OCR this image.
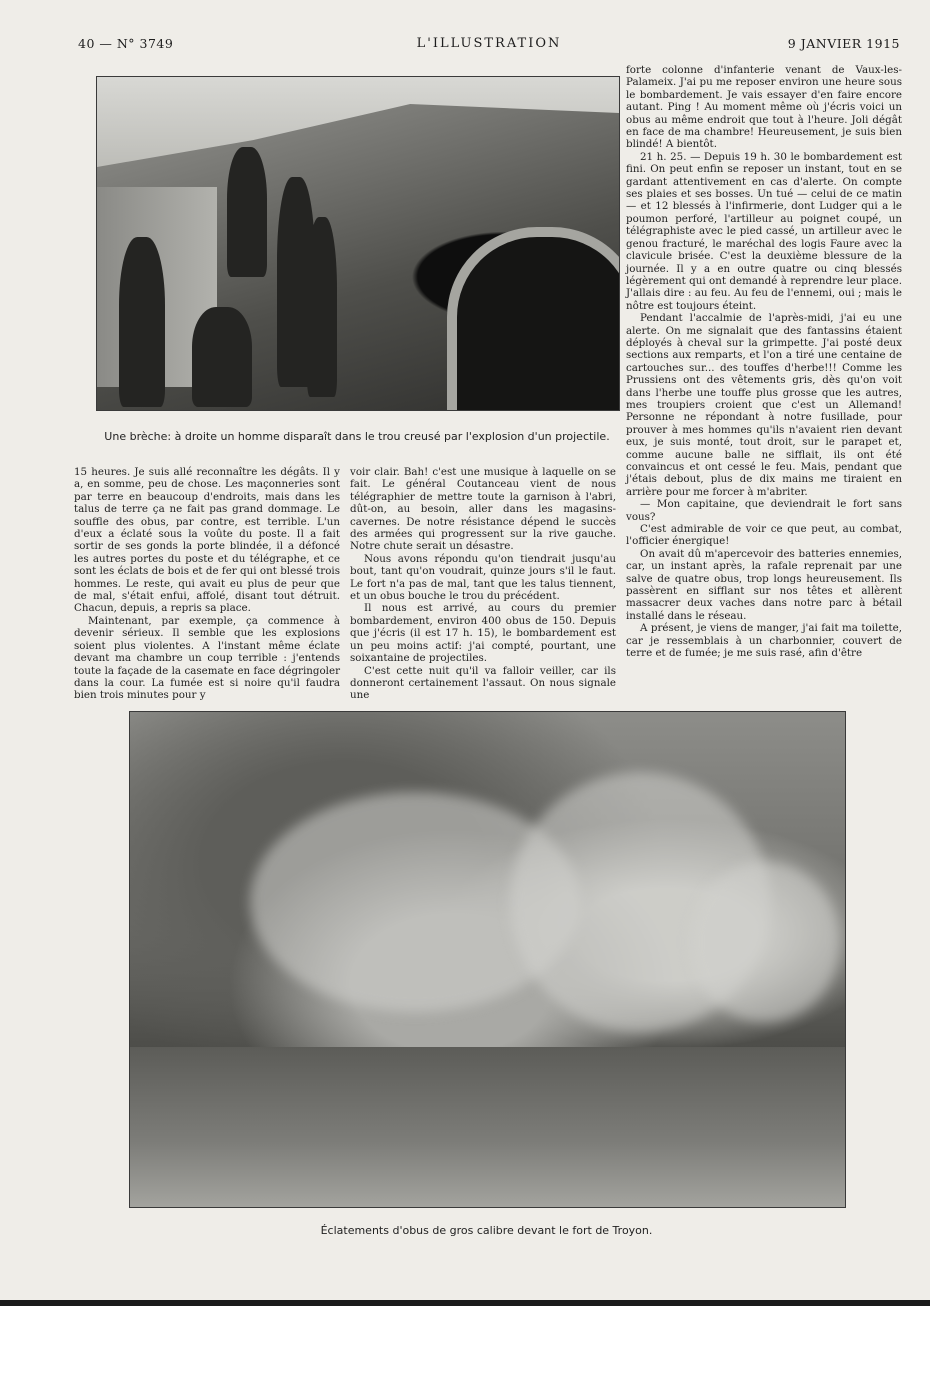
40 — N° 3749	L'ILLUSTRATION	9 JANVIER 1915
Une brèche: à droite un homme disparaît dans le trou creusé par l'explosion d'un projectile.

forte colonne d'infanterie venant de Vaux-les-Palameix. J'ai pu me reposer environ une heure sous le bombardement. Je vais essayer d'en faire encore autant. Ping ! Au moment même où j'écris voici un obus au même endroit que tout à l'heure. Joli dégât en face de ma chambre! Heureusement, je suis bien blindé! A bientôt.

21 h. 25. — Depuis 19 h. 30 le bombardement est fini. On peut enfin se reposer un instant, tout en se gardant attentivement en cas d'alerte. On compte ses plaies et ses bosses. Un tué — celui de ce matin — et 12 blessés à l'infirmerie, dont Ludger qui a le poumon perforé, l'artilleur au poignet coupé, un télégraphiste avec le pied cassé, un artilleur avec le genou fracturé, le maréchal des logis Faure avec la clavicule brisée. C'est la deuxième blessure de la journée. Il y a en outre quatre ou cinq blessés légèrement qui ont demandé à reprendre leur place. J'allais dire : au feu. Au feu de l'ennemi, oui ; mais le nôtre est toujours éteint.

Pendant l'accalmie de l'après-midi, j'ai eu une alerte. On me signalait que des fantassins étaient déployés à cheval sur la grimpette. J'ai posté deux sections aux remparts, et l'on a tiré une centaine de cartouches sur... des touffes d'herbe!!! Comme les Prussiens ont des vêtements gris, dès qu'on voit dans l'herbe une touffe plus grosse que les autres, mes troupiers croient que c'est un Allemand! Personne ne répondant à notre fusillade, pour prouver à mes hommes qu'ils n'avaient rien devant eux, je suis monté, tout droit, sur le parapet et, comme aucune balle ne sifflait, ils ont été convaincus et ont cessé le feu. Mais, pendant que j'étais debout, plus de dix mains me tiraient en arrière pour me forcer à m'abriter.

— Mon capitaine, que deviendrait le fort sans vous?

C'est admirable de voir ce que peut, au combat, l'officier énergique!

On avait dû m'apercevoir des batteries ennemies, car, un instant après, la rafale reprenait par une salve de quatre obus, trop longs heureusement. Ils passèrent en sifflant sur nos têtes et allèrent massacrer deux vaches dans notre parc à bétail installé dans le réseau.

A présent, je viens de manger, j'ai fait ma toilette, car je ressemblais à un charbonnier, couvert de terre et de fumée; je me suis rasé, afin d'être

15 heures. Je suis allé reconnaître les dégâts. Il y a, en somme, peu de chose. Les maçonneries sont par terre en beaucoup d'endroits, mais dans les talus de terre ça ne fait pas grand dommage. Le souffle des obus, par contre, est terrible. L'un d'eux a éclaté sous la voûte du poste. Il a fait sortir de ses gonds la porte blindée, il a défoncé les autres portes du poste et du télégraphe, et ce sont les éclats de bois et de fer qui ont blessé trois hommes. Le reste, qui avait eu plus de peur que de mal, s'était enfui, affolé, disant tout détruit. Chacun, depuis, a repris sa place.

Maintenant, par exemple, ça commence à devenir sérieux. Il semble que les explosions soient plus violentes. A l'instant même éclate devant ma chambre un coup terrible : j'entends toute la façade de la casemate en face dégringoler dans la cour. La fumée est si noire qu'il faudra bien trois minutes pour y

voir clair. Bah! c'est une musique à laquelle on se fait. Le général Coutanceau vient de nous télégraphier de mettre toute la garnison à l'abri, dût-on, au besoin, aller dans les magasins-cavernes. De notre résistance dépend le succès des armées qui progressent sur la rive gauche. Notre chute serait un désastre.

Nous avons répondu qu'on tiendrait jusqu'au bout, tant qu'on voudrait, quinze jours s'il le faut. Le fort n'a pas de mal, tant que les talus tiennent, et un obus bouche le trou du précédent.

Il nous est arrivé, au cours du premier bombardement, environ 400 obus de 150. Depuis que j'écris (il est 17 h. 15), le bombardement est un peu moins actif: j'ai compté, pourtant, une soixantaine de projectiles.

C'est cette nuit qu'il va falloir veiller, car ils donneront certainement l'assaut. On nous signale une

Éclatements d'obus de gros calibre devant le fort de Troyon.
